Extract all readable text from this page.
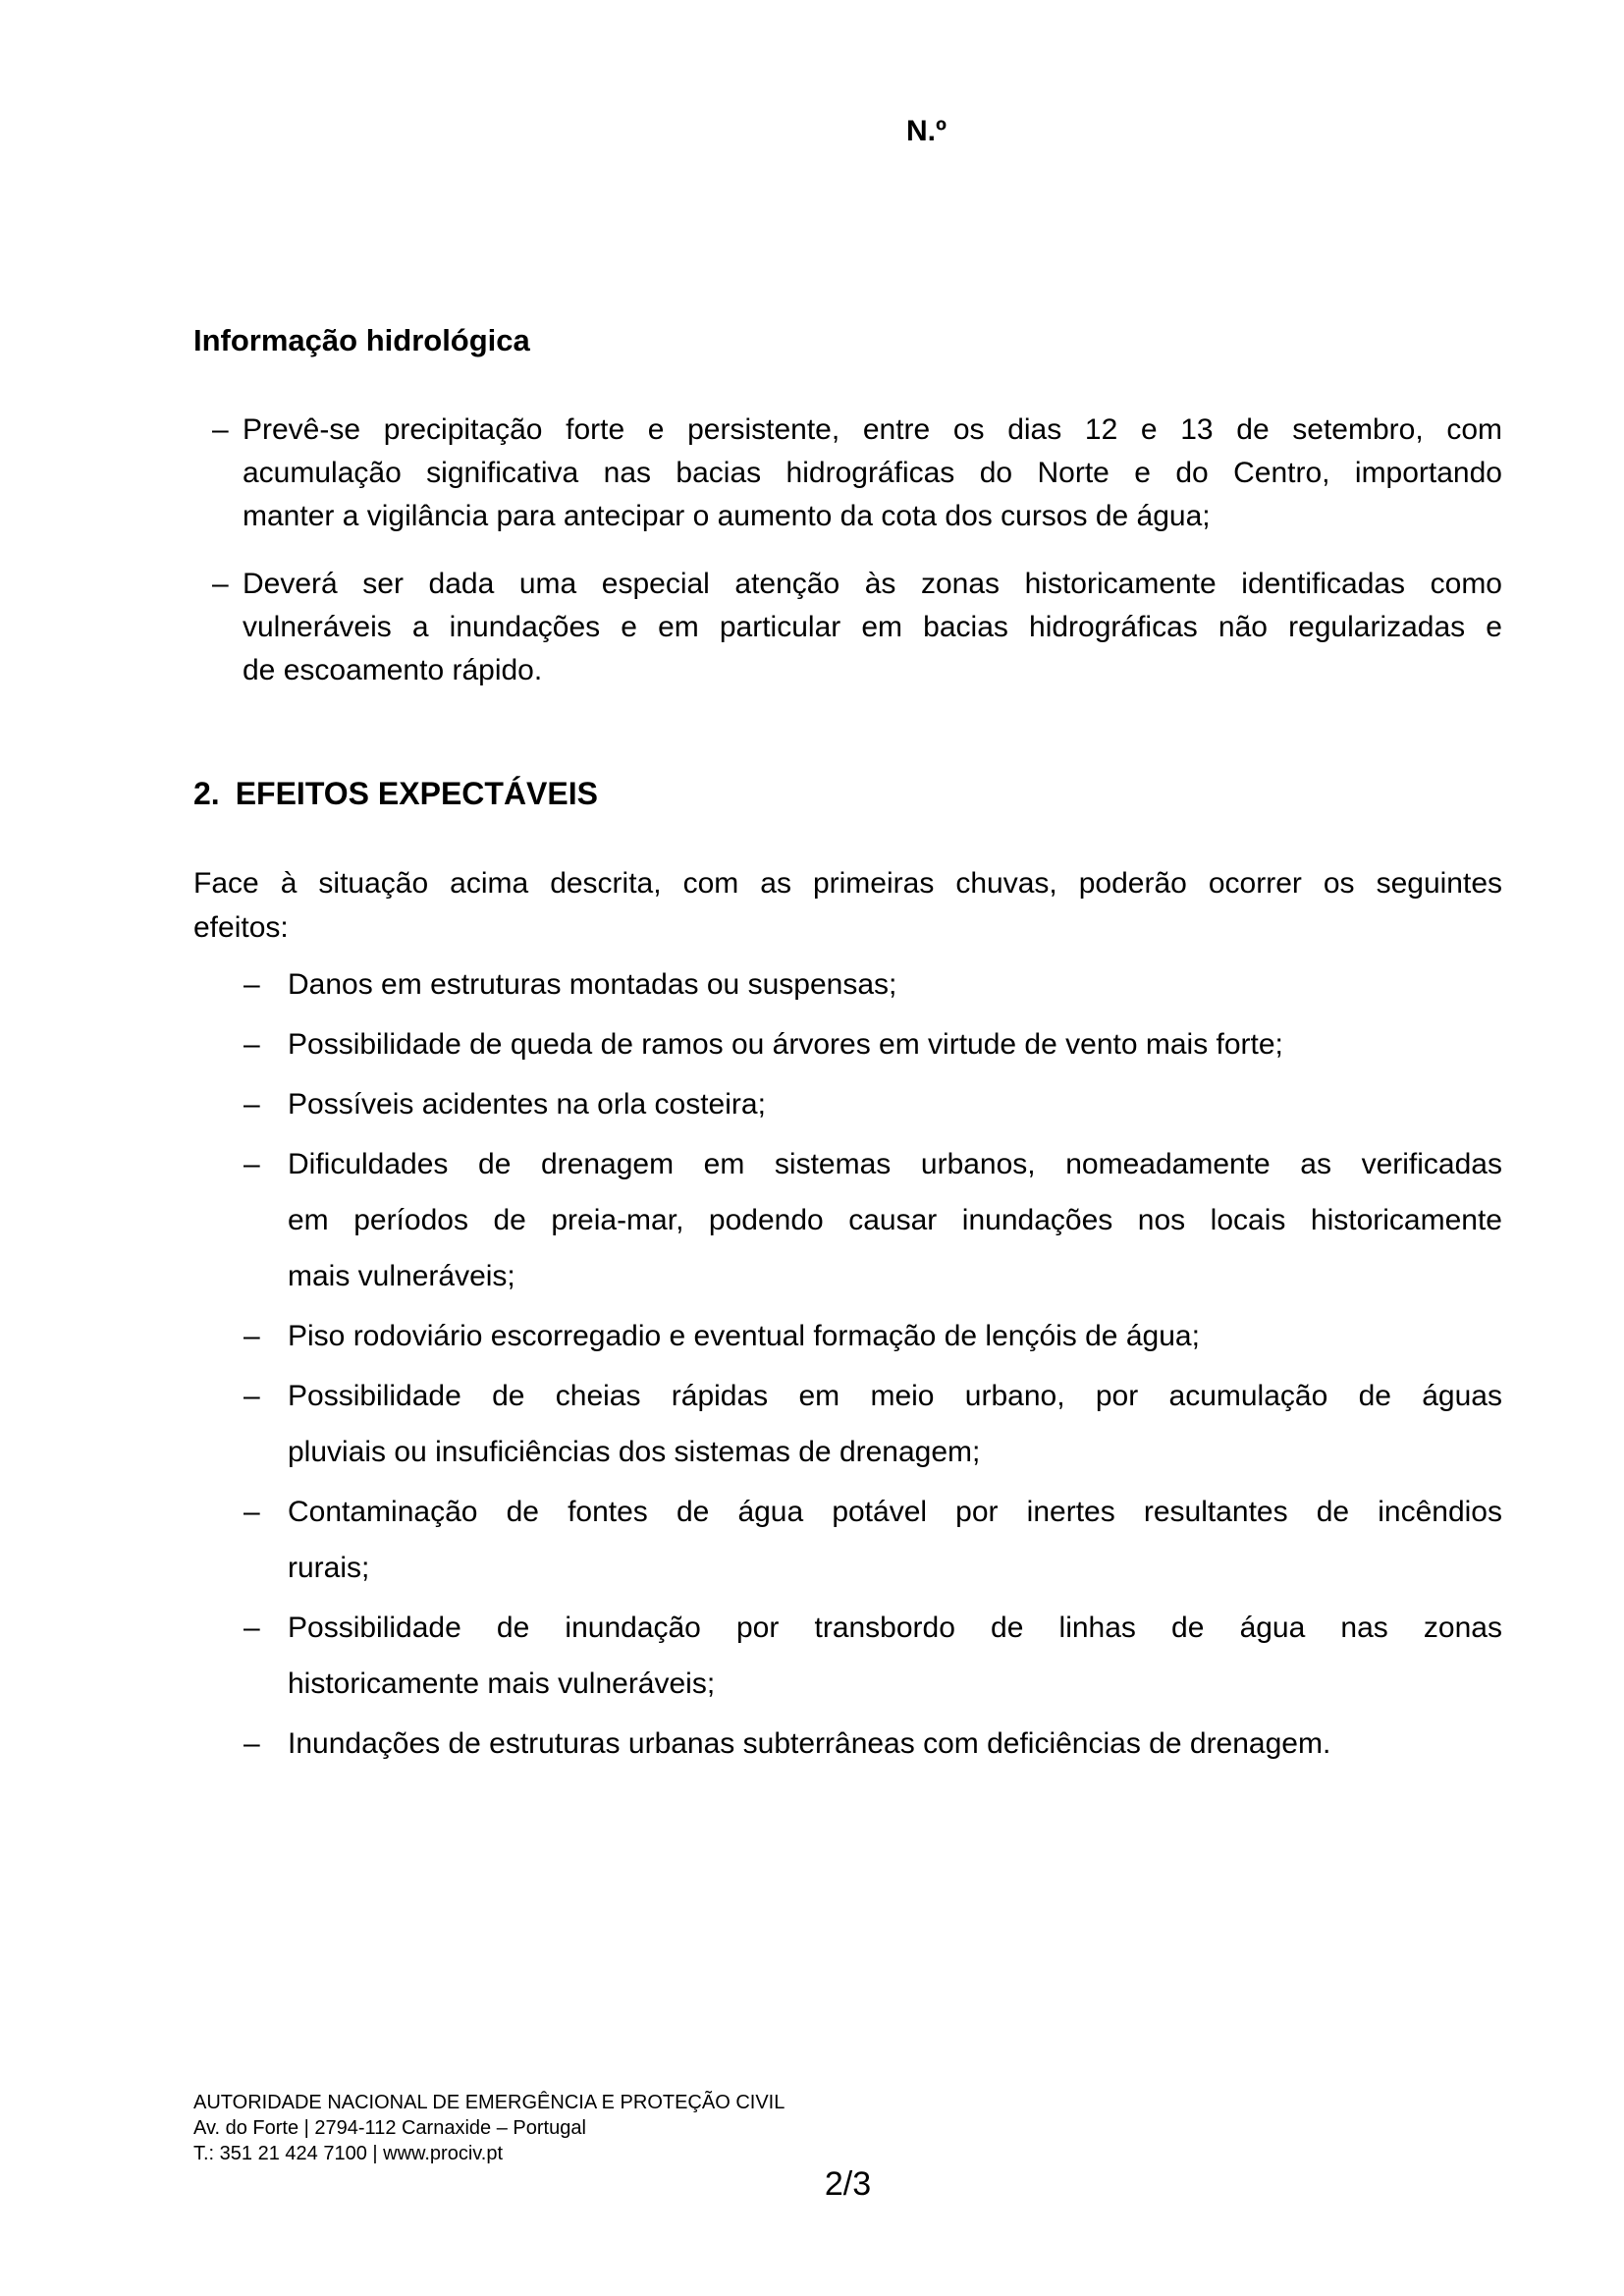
N.º
Informação hidrológica
– Prevê-se precipitação forte e persistente, entre os dias 12 e 13 de setembro, com
acumulação significativa nas bacias hidrográficas do Norte e do Centro, importando
manter a vigilância para antecipar o aumento da cota dos cursos de água;
– Deverá ser dada uma especial atenção às zonas historicamente identificadas como
vulneráveis a inundações e em particular em bacias hidrográficas não regularizadas e
de escoamento rápido.
2. EFEITOS EXPECTÁVEIS
Face à situação acima descrita, com as primeiras chuvas, poderão ocorrer os seguintes
efeitos:
– Danos em estruturas montadas ou suspensas;
– Possibilidade de queda de ramos ou árvores em virtude de vento mais forte;
– Possíveis acidentes na orla costeira;
– Dificuldades de drenagem em sistemas urbanos, nomeadamente as verificadas
em períodos de preia-mar, podendo causar inundações nos locais historicamente
mais vulneráveis;
– Piso rodoviário escorregadio e eventual formação de lençóis de água;
– Possibilidade de cheias rápidas em meio urbano, por acumulação de águas
pluviais ou insuficiências dos sistemas de drenagem;
– Contaminação de fontes de água potável por inertes resultantes de incêndios
rurais;
– Possibilidade de inundação por transbordo de linhas de água nas zonas
historicamente mais vulneráveis;
– Inundações de estruturas urbanas subterrâneas com deficiências de drenagem.
AUTORIDADE NACIONAL DE EMERGÊNCIA E PROTEÇÃO CIVIL
Av. do Forte | 2794-112 Carnaxide – Portugal
T.: 351 21 424 7100 | www.prociv.pt
2/3
